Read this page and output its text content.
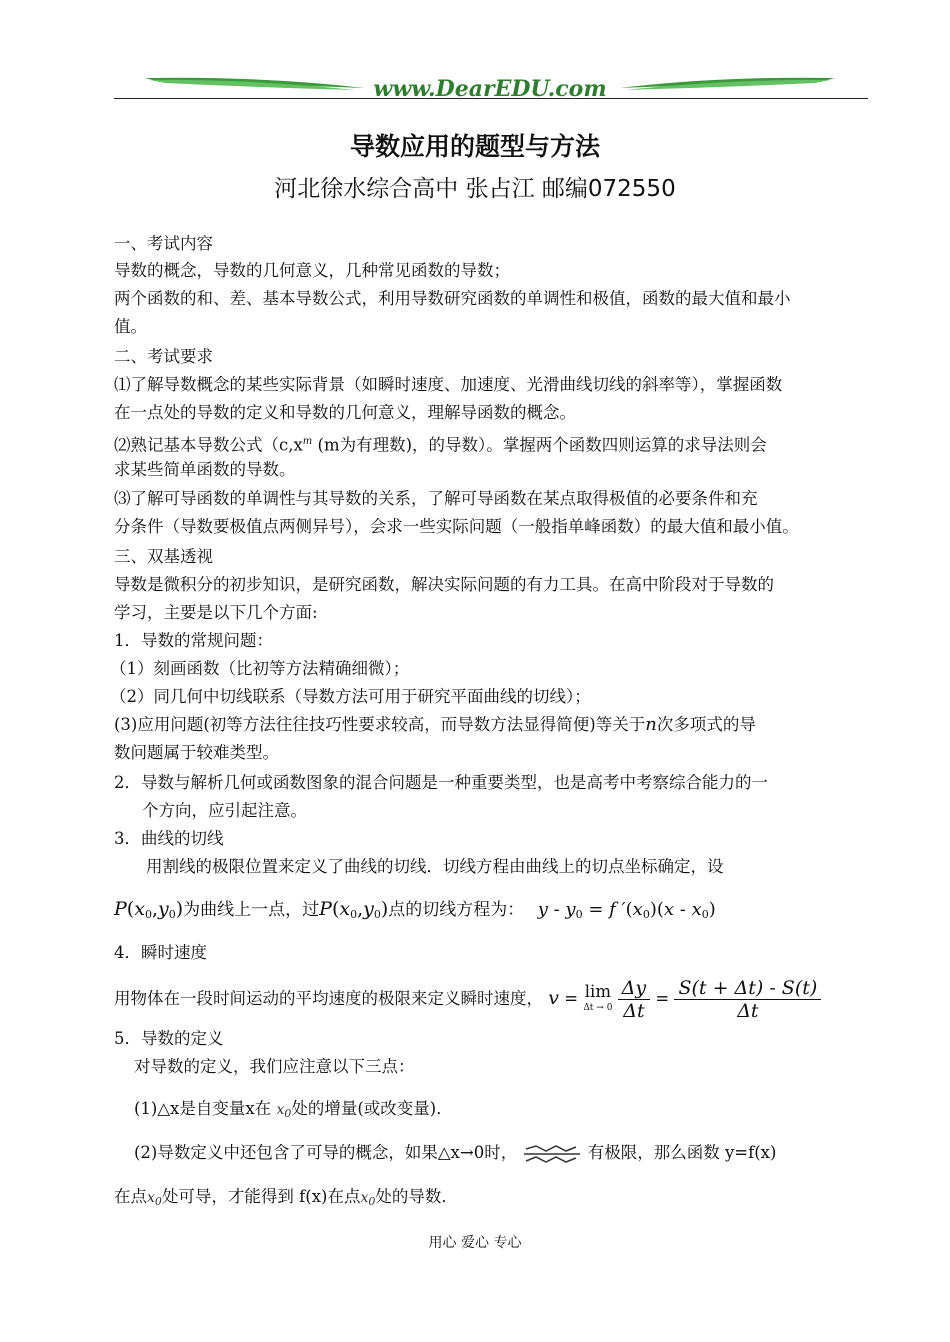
www.DearEDU.com
导数应用的题型与方法
河北徐水综合高中 张占江 邮编072550
一、考试内容
导数的概念，导数的几何意义，几种常见函数的导数；
两个函数的和、差、基本导数公式，利用导数研究函数的单调性和极值，函数的最大值和最小
值。
二、考试要求
⑴了解导数概念的某些实际背景（如瞬时速度、加速度、光滑曲线切线的斜率等），掌握函数
在一点处的导数的定义和导数的几何意义，理解导函数的概念。
⑵熟记基本导数公式（$c,x^m$ (m为有理数)，的导数）。掌握两个函数四则运算的求导法则会
求某些简单函数的导数。
⑶了解可导函数的单调性与其导数的关系，了解可导函数在某点取得极值的必要条件和充
分条件（导数要极值点两侧异号），会求一些实际问题（一般指单峰函数）的最大值和最小值。
三、双基透视
导数是微积分的初步知识，是研究函数，解决实际问题的有力工具。在高中阶段对于导数的
学习，主要是以下几个方面:
1．导数的常规问题：
（1）刻画函数（比初等方法精确细微）；
（2）同几何中切线联系（导数方法可用于研究平面曲线的切线）；
(3)应用问题(初等方法往往技巧性要求较高，而导数方法显得简便)等关于n次多项式的导
数问题属于较难类型。
2．导数与解析几何或函数图象的混合问题是一种重要类型，也是高考中考察综合能力的一
个方向，应引起注意。
3．曲线的切线
用割线的极限位置来定义了曲线的切线．切线方程由曲线上的切点坐标确定，设
$P(x_0,y_0)$为曲线上一点，过$P(x_0,y_0)$点的切线方程为： $y - y_0 = f$ $'(x_0)(x - x_0)$
4．瞬时速度
用物体在一段时间运动的平均速度的极限来定义瞬时速度， v = lim
Δt → 0
$\frac{\Delta y}{\Delta t} = \frac{S(t + \Delta t) - S(t)}{\Delta t}$
5．导数的定义
对导数的定义，我们应注意以下三点：
(1)△x是自变量x在 $x_0$处的增量(或改变量)．
(2)导数定义中还包含了可导的概念，如果△x→0时，	有极限，那么函数 y=f(x)
在点$x_0$处可导，才能得到 f(x)在点$x_0$处的导数．
用心 爱心 专心
